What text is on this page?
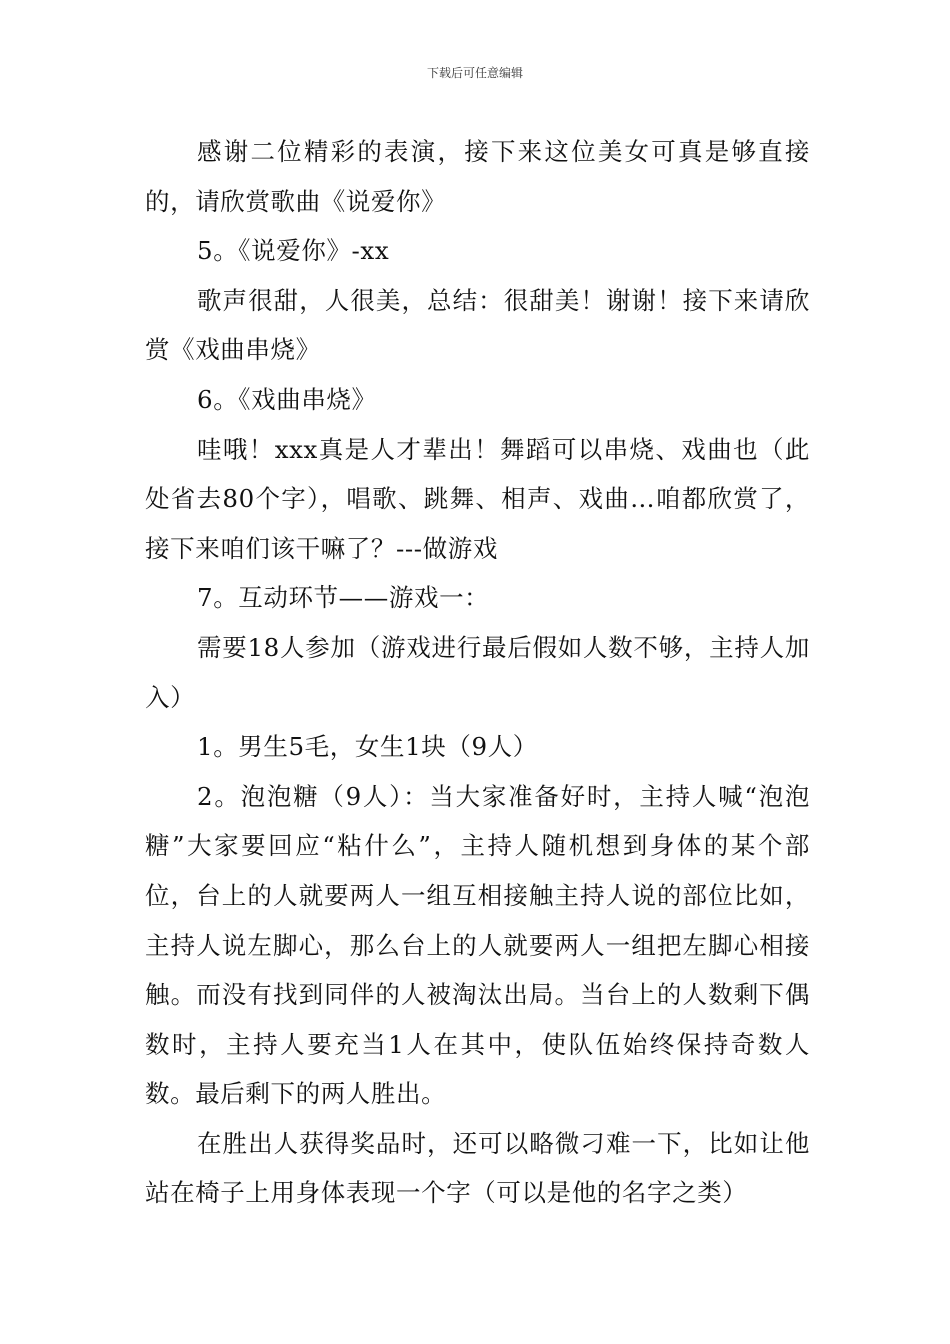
下载后可任意编辑

感谢二位精彩的表演，接下来这位美女可真是够直接的，请欣赏歌曲《说爱你》

5。《说爱你》-xx

歌声很甜，人很美，总结：很甜美！谢谢！接下来请欣赏《戏曲串烧》

6。《戏曲串烧》

哇哦！xxx真是人才辈出！舞蹈可以串烧、戏曲也（此处省去80个字），唱歌、跳舞、相声、戏曲…咱都欣赏了，接下来咱们该干嘛了？---做游戏

7。互动环节——游戏一：

需要18人参加（游戏进行最后假如人数不够，主持人加入）

1。男生5毛，女生1块（9人）

2。泡泡糖（9人）：当大家准备好时，主持人喊“泡泡糖”大家要回应“粘什么”，主持人随机想到身体的某个部位，台上的人就要两人一组互相接触主持人说的部位比如，主持人说左脚心，那么台上的人就要两人一组把左脚心相接触。而没有找到同伴的人被淘汰出局。当台上的人数剩下偶数时，主持人要充当1人在其中，使队伍始终保持奇数人数。最后剩下的两人胜出。

在胜出人获得奖品时，还可以略微刁难一下，比如让他站在椅子上用身体表现一个字（可以是他的名字之类）
